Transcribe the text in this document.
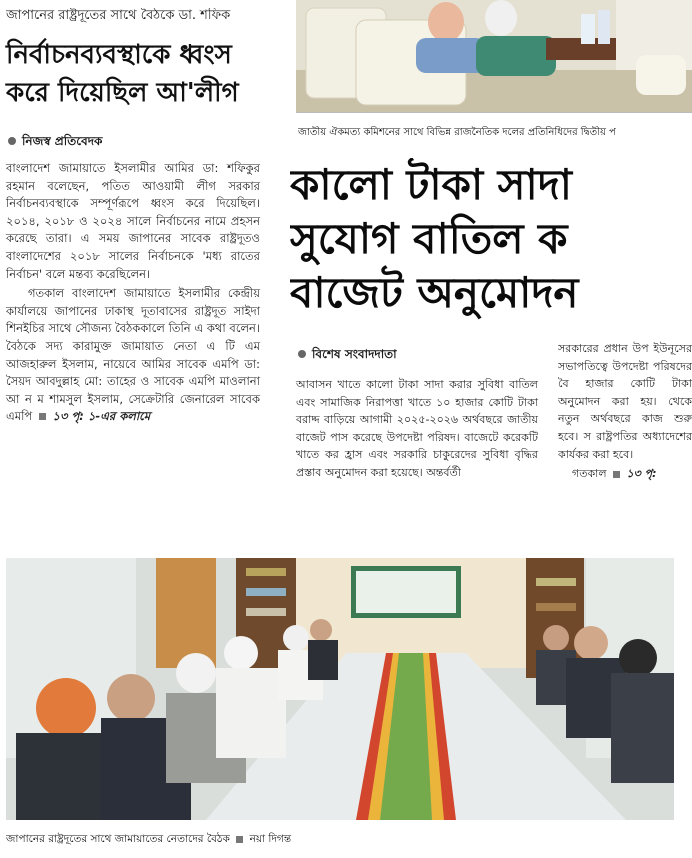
জাপানের রাষ্ট্রদূতের সাথে বৈঠকে ডা. শফিক
নির্বাচনব্যবস্থাকে ধ্বংস
করে দিয়েছিল আ'লীগ
নিজস্ব প্রতিবেদক

বাংলাদেশ জামায়াতে ইসলামীর আমির ডা: শফিকুর রহমান বলেছেন, পতিত আওয়ামী লীগ সরকার নির্বাচনব্যবস্থাকে সম্পূর্ণরূপে ধ্বংস করে দিয়েছিল। ২০১৪, ২০১৮ ও ২০২৪ সালে নির্বাচনের নামে প্রহসন করেছে তারা। এ সময় জাপানের সাবেক রাষ্ট্রদূতও বাংলাদেশের ২০১৮ সালের নির্বাচনকে 'মধ্য রাতের নির্বাচন' বলে মন্তব্য করেছিলেন।

গতকাল বাংলাদেশ জামায়াতে ইসলামীর কেন্দ্রীয় কার্যালয়ে জাপানের ঢাকাস্থ দূতাবাসের রাষ্ট্রদূত সাইদা শিনইচির সাথে সৌজন্য বৈঠককালে তিনি এ কথা বলেন। বৈঠকে সদ্য কারামুক্ত জামায়াত নেতা এ টি এম আজহারুল ইসলাম, নায়েবে আমির সাবেক এমপি ডা: সৈয়দ আবদুল্লাহ মো: তাহের ও সাবেক এমপি মাওলানা আ ন ম শামসুল ইসলাম, সেক্রেটারি জেনারেল সাবেক এমপি ১৩ পৃ: ১-এর কলামে

জাতীয় ঐকমত্য কমিশনের সাথে বিভিন্ন রাজনৈতিক দলের প্রতিনিধিদের দ্বিতীয় প
কালো টাকা সাদা
সুযোগ বাতিল ক
বাজেট অনুমোদন
বিশেষ সংবাদদাতা

আবাসন খাতে কালো টাকা সাদা করার সুবিধা বাতিল এবং সামাজিক নিরাপত্তা খাতে ১০ হাজার কোটি টাকা বরাদ্দ বাড়িয়ে আগামী ২০২৫-২০২৬ অর্থবছরে জাতীয় বাজেট পাস করেছে উপদেষ্টা পরিষদ। বাজেটে করেকটি খাতে কর হ্রাস এবং সরকারি চাকুরেদের সুবিধা বৃদ্ধির প্রস্তাব অনুমোদন করা হয়েছে। অন্তর্বর্তী

সরকারের প্রধান উপ ইউনূসের সভাপতিত্বে উপদেষ্টা পরিষদের বৈ হাজার কোটি টাকা অনুমোদন করা হয়। থেকে নতুন অর্থবছরে কাজ শুরু হবে। স রাষ্ট্রপতির অধ্যাদেশের কার্যকর করা হবে।

গতকাল ১৩ পৃ:

জাপানের রাষ্ট্রদূতের সাথে জামায়াতের নেতাদের বৈঠক নয়া দিগন্ত
